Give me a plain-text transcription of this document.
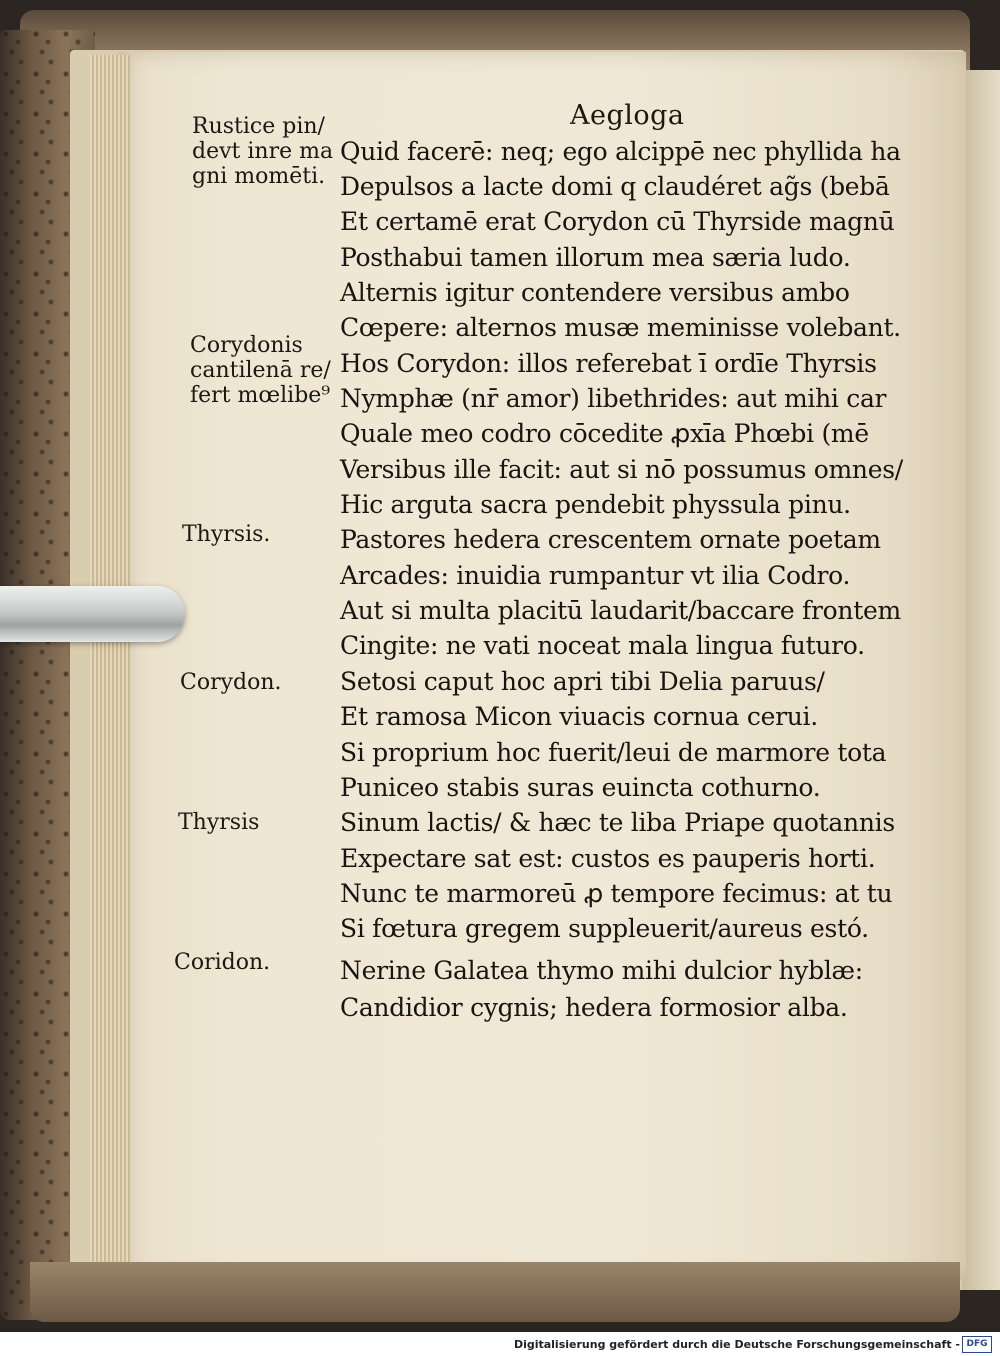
Aegloga
Rustice pin/
devt inre ma
gni momēti.
Corydonis
cantilenā re/
fert mœlibe⁹
Thyrsis.
Corydon.
Thyrsis
Coridon.
Quid facerē: neq; ego alcippē nec phyllida ha
Depulsos a lacte domi q claudéret ag̃s (bebā
Et certamē erat Corydon cū Thyrside magnū
Posthabui tamen illorum mea særia ludo.
Alternis igitur contendere versibus ambo
Cœpere: alternos musæ meminisse volebant.
Hos Corydon: illos referebat ī ordīe Thyrsis
Nymphæ (nr̄ amor) libethrides: aut mihi car
Quale meo codro cōcedite ꝓxīa Phœbi (mē
Versibus ille facit: aut si nō possumus omnes/
Hic arguta sacra pendebit physsula pinu.
Pastores hedera crescentem ornate poetam
Arcades: inuidia rumpantur vt ilia Codro.
Aut si multa placitū laudarit/baccare frontem
Cingite: ne vati noceat mala lingua futuro.
Setosi caput hoc apri tibi Delia paruus/
Et ramosa Micon viuacis cornua cerui.
Si proprium hoc fuerit/leui de marmore tota
Puniceo stabis suras euincta cothurno.
Sinum lactis/ & hæc te liba Priape quotannis
Expectare sat est: custos es pauperis horti.
Nunc te marmoreū ꝓ tempore fecimus: at tu
Si fœtura gregem suppleuerit/aureus estó.
Nerine Galatea thymo mihi dulcior hyblæ:
Candidior cygnis; hedera formosior alba.
Digitalisierung gefördert durch die Deutsche Forschungsgemeinschaft - DFG
